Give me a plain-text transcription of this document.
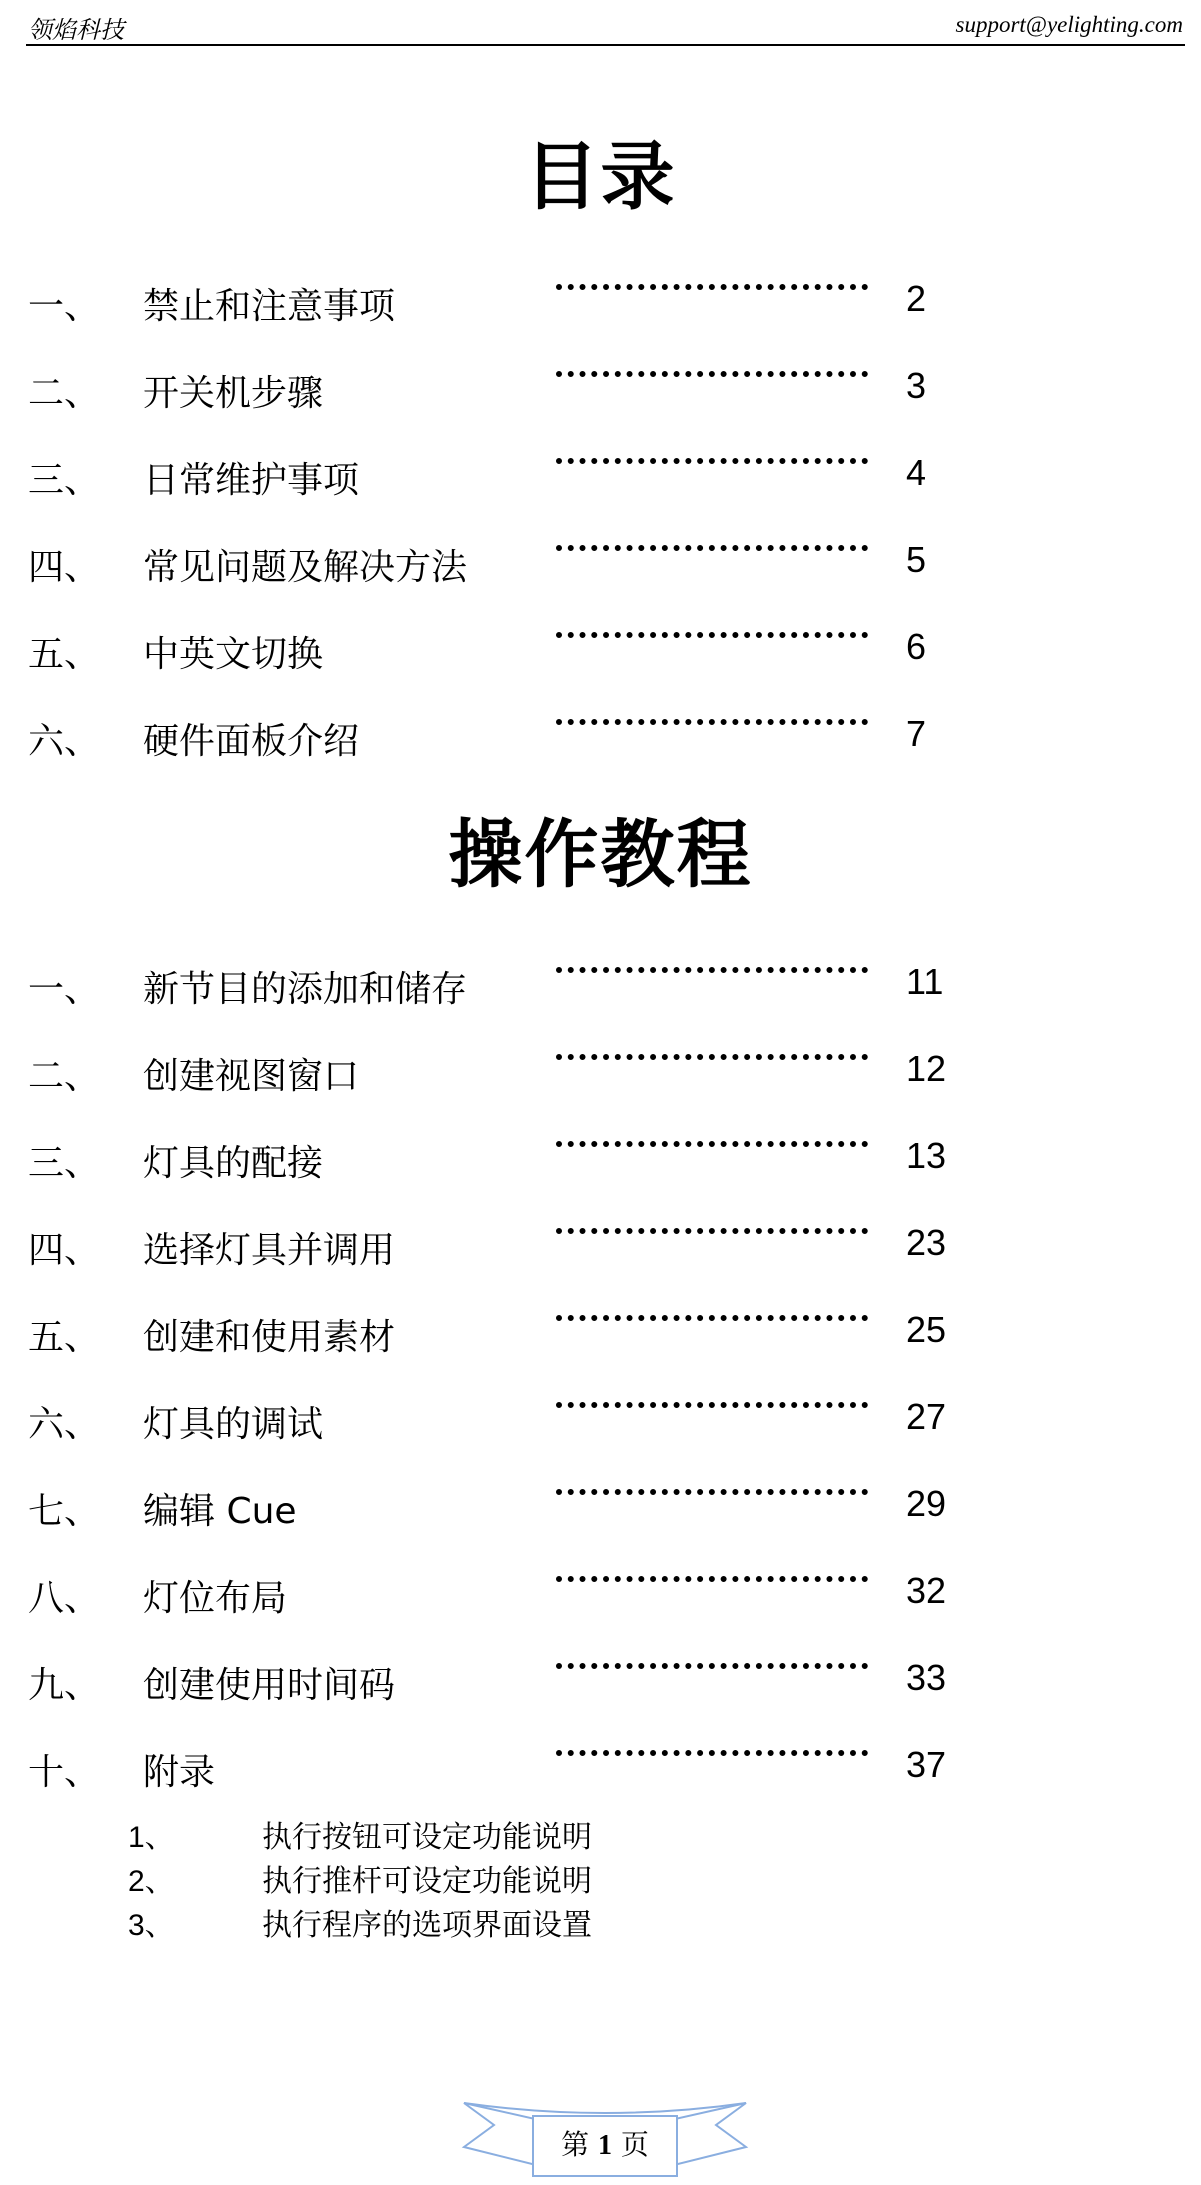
领焰科技	support@yelighting.com
目录
一、 禁止和注意事项	2
二、 开关机步骤	3
三、 日常维护事项	4
四、 常见问题及解决方法	5
五、 中英文切换	6
六、 硬件面板介绍	7
操作教程
一、 新节目的添加和储存	11
二、 创建视图窗口	12
三、 灯具的配接	13
四、 选择灯具并调用	23
五、 创建和使用素材	25
六、 灯具的调试	27
七、 编辑 Cue	29
八、 灯位布局	32
九、 创建使用时间码	33
十、 附录	37
1、	执行按钮可设定功能说明
2、	执行推杆可设定功能说明
3、	执行程序的选项界面设置
第 1 页
